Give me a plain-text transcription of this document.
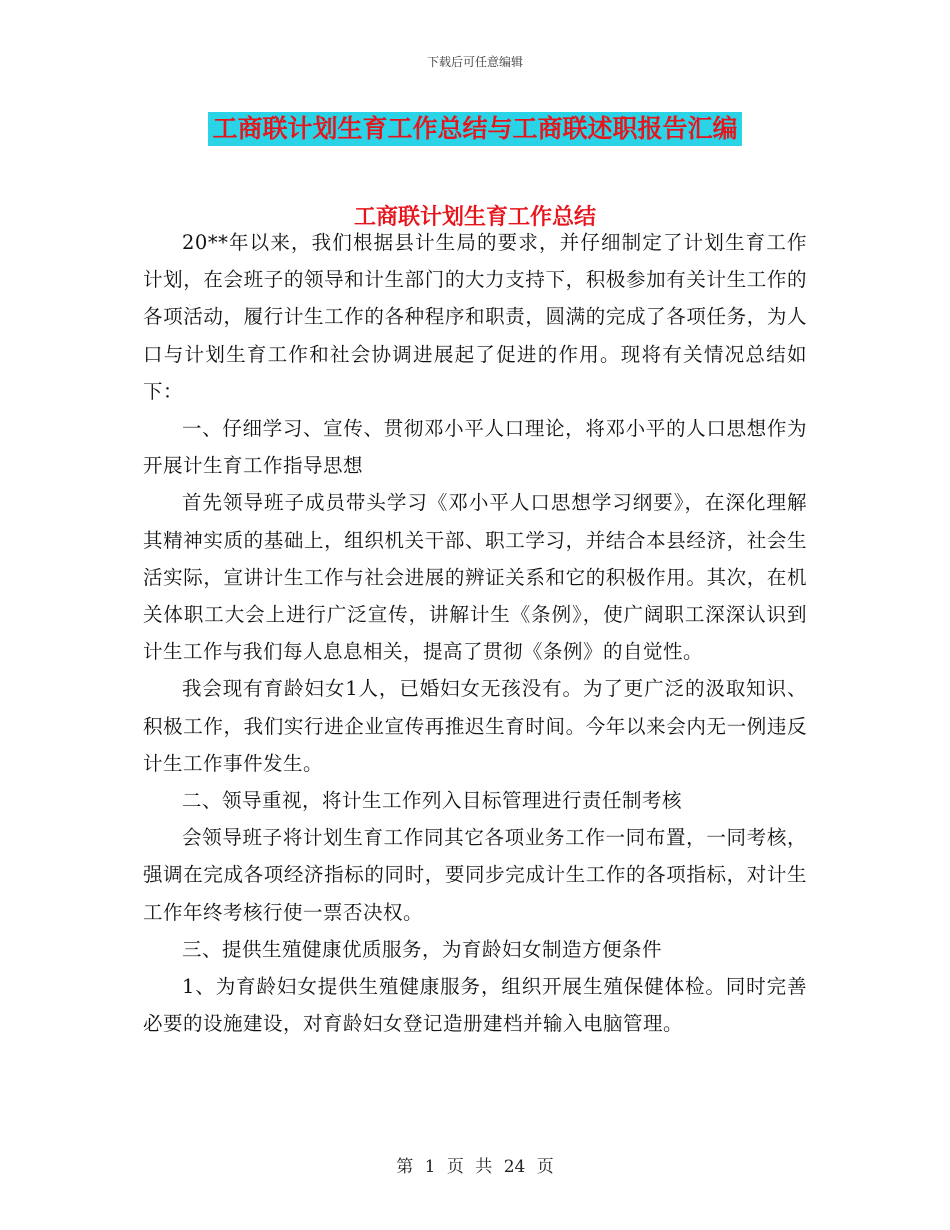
下载后可任意编辑
工商联计划生育工作总结与工商联述职报告汇编
工商联计划生育工作总结

20**年以来，我们根据县计生局的要求，并仔细制定了计划生育工作计划，在会班子的领导和计生部门的大力支持下，积极参加有关计生工作的各项活动，履行计生工作的各种程序和职责，圆满的完成了各项任务，为人口与计划生育工作和社会协调进展起了促进的作用。现将有关情况总结如下：

一、仔细学习、宣传、贯彻邓小平人口理论，将邓小平的人口思想作为开展计生育工作指导思想

首先领导班子成员带头学习《邓小平人口思想学习纲要》，在深化理解其精神实质的基础上，组织机关干部、职工学习，并结合本县经济，社会生活实际，宣讲计生工作与社会进展的辨证关系和它的积极作用。其次，在机关体职工大会上进行广泛宣传，讲解计生《条例》，使广阔职工深深认识到计生工作与我们每人息息相关，提高了贯彻《条例》的自觉性。

我会现有育龄妇女1人，已婚妇女无孩没有。为了更广泛的汲取知识、积极工作，我们实行进企业宣传再推迟生育时间。今年以来会内无一例违反计生工作事件发生。

二、领导重视，将计生工作列入目标管理进行责任制考核

会领导班子将计划生育工作同其它各项业务工作一同布置，一同考核，强调在完成各项经济指标的同时，要同步完成计生工作的各项指标，对计生工作年终考核行使一票否决权。

三、提供生殖健康优质服务，为育龄妇女制造方便条件

1、为育龄妇女提供生殖健康服务，组织开展生殖保健体检。同时完善必要的设施建设，对育龄妇女登记造册建档并输入电脑管理。

第 1 页 共 24 页
